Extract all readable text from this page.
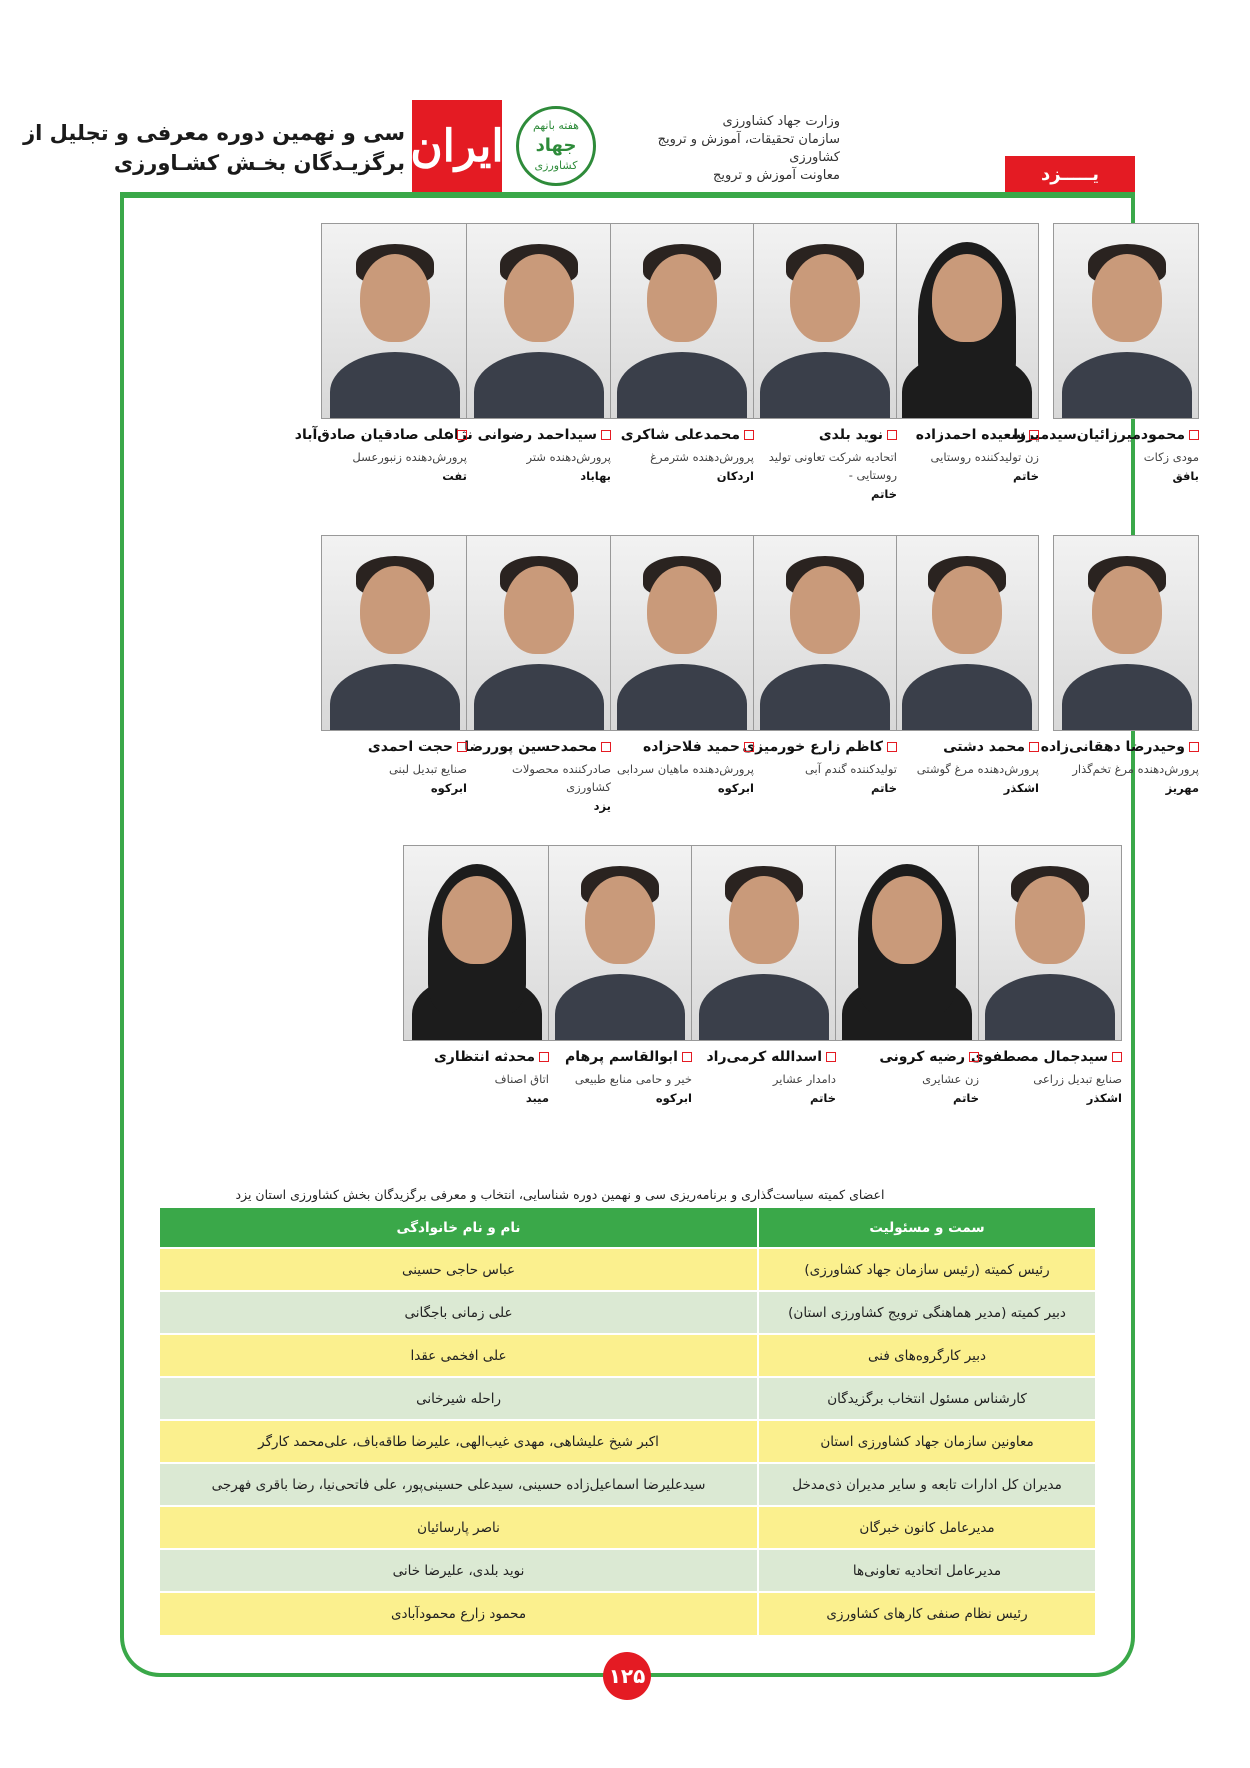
سی و نهمین دوره معرفی و تجلیل از
برگزیـدگان بخـش کشـاورزی ایران	هفته بانهم
جهاد
کشاورزی
وزارت جهاد کشاورزی
سازمان تحقیقات، آموزش و ترویج کشاورزی
معاونت آموزش و ترویج	یـــــزد
محمودمیرزائیان‌سیدمیرزا
مودی زکات
بافق
سعیده احمدزاده
زن تولیدکننده روستایی
خاتم
نوید بلدی
اتحادیه شرکت تعاونی تولید روستایی -
خاتم
محمدعلی شاکری
پرورش‌دهنده شترمرغ
اردکان
سیداحمد رضوانی نژاد
پرورش‌دهنده شتر
بهاباد
علی صادقیان صادق‌آباد
پرورش‌دهنده زنبورعسل
تفت
وحیدرضا دهقانی‌زاده
پرورش‌دهنده مرغ تخم‌گذار
مهریز
محمد دشتی
پرورش‌دهنده مرغ گوشتی
اشکذر
کاظم زارع خورمیزی
تولیدکننده گندم آبی
خاتم
حمید فلاحزاده
پرورش‌دهنده ماهیان سردابی
ابرکوه
محمدحسین پوررضا
صادرکننده محصولات کشاورزی
یزد
حجت احمدی
صنایع تبدیل لبنی
ابرکوه
سیدجمال مصطفوی
صنایع تبدیل زراعی
اشکذر
رضیه کرونی
زن عشایری
خاتم
اسدالله کرمی‌راد
دامدار عشایر
خاتم
ابوالقاسم پرهام
خیر و حامی منابع طبیعی
ابرکوه
محدثه انتظاری
اتاق اصناف
میبد
اعضای کمیته سیاست‌گذاری و برنامه‌ریزی سی و نهمین دوره شناسایی، انتخاب و معرفی برگزیدگان بخش کشاورزی استان یزد
سمت و مسئولیت	نام و نام خانوادگی
رئیس کمیته (رئیس سازمان جهاد کشاورزی)	عباس حاجی حسینی
دبیر کمیته (مدیر هماهنگی ترویج کشاورزی استان)	علی زمانی باجگانی
دبیر کارگروه‌های فنی	علی افخمی عقدا
کارشناس مسئول انتخاب برگزیدگان	راحله شیرخانی
معاونین سازمان جهاد کشاورزی استان	اکبر شیخ علیشاهی، مهدی غیب‌الهی، علیرضا طاقه‌باف، علی‌محمد کارگر
مدیران کل ادارات تابعه و سایر مدیران ذی‌مدخل	سیدعلیرضا اسماعیل‌زاده حسینی، سیدعلی حسینی‌پور، علی فاتحی‌نیا، رضا باقری فهرجی
مدیرعامل کانون خبرگان	ناصر پارسائیان
مدیرعامل اتحادیه تعاونی‌ها	نوید بلدی، علیرضا خانی
رئیس نظام صنفی کارهای کشاورزی	محمود زارع محمودآبادی
۱۲۵
